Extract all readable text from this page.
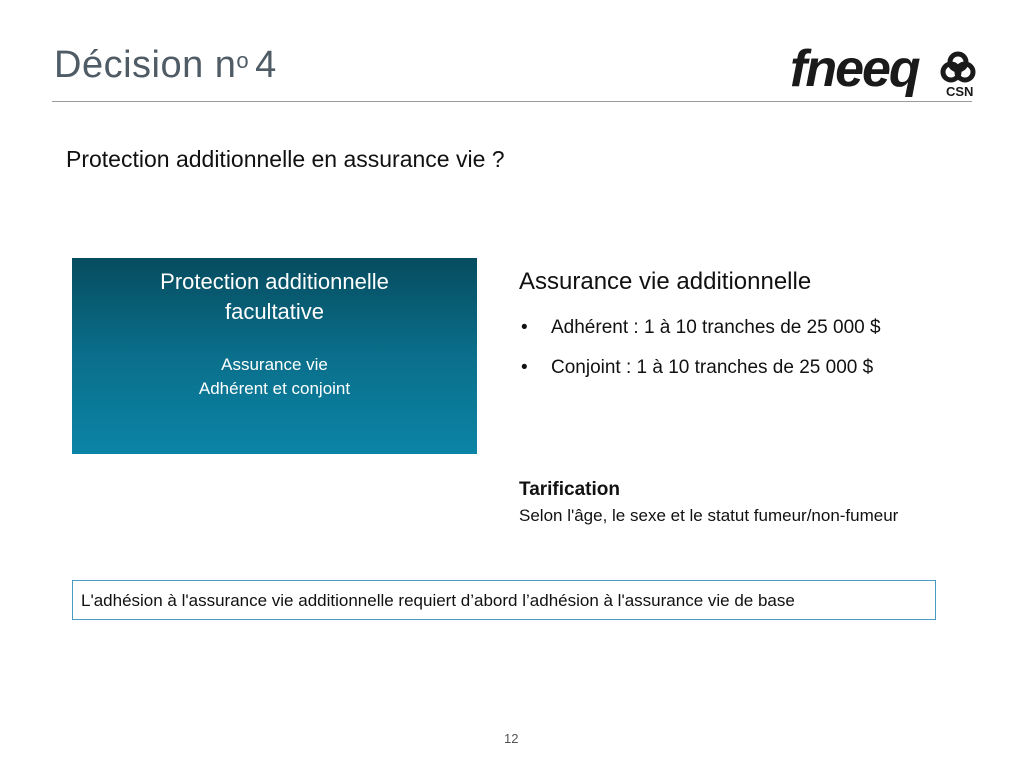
Décision $n^o$ 4	fneeq CSN
Protection additionnelle en assurance vie ?
Protection additionnelle facultative
Assurance vie
Adhérent et conjoint
Assurance vie additionnelle
• Adhérent : 1 à 10 tranches de 25 000 $
• Conjoint : 1 à 10 tranches de 25 000 $
Tarification
Selon l'âge, le sexe et le statut fumeur/non-fumeur
L'adhésion à l'assurance vie additionnelle requiert d’abord l’adhésion à l'assurance vie de base
12
